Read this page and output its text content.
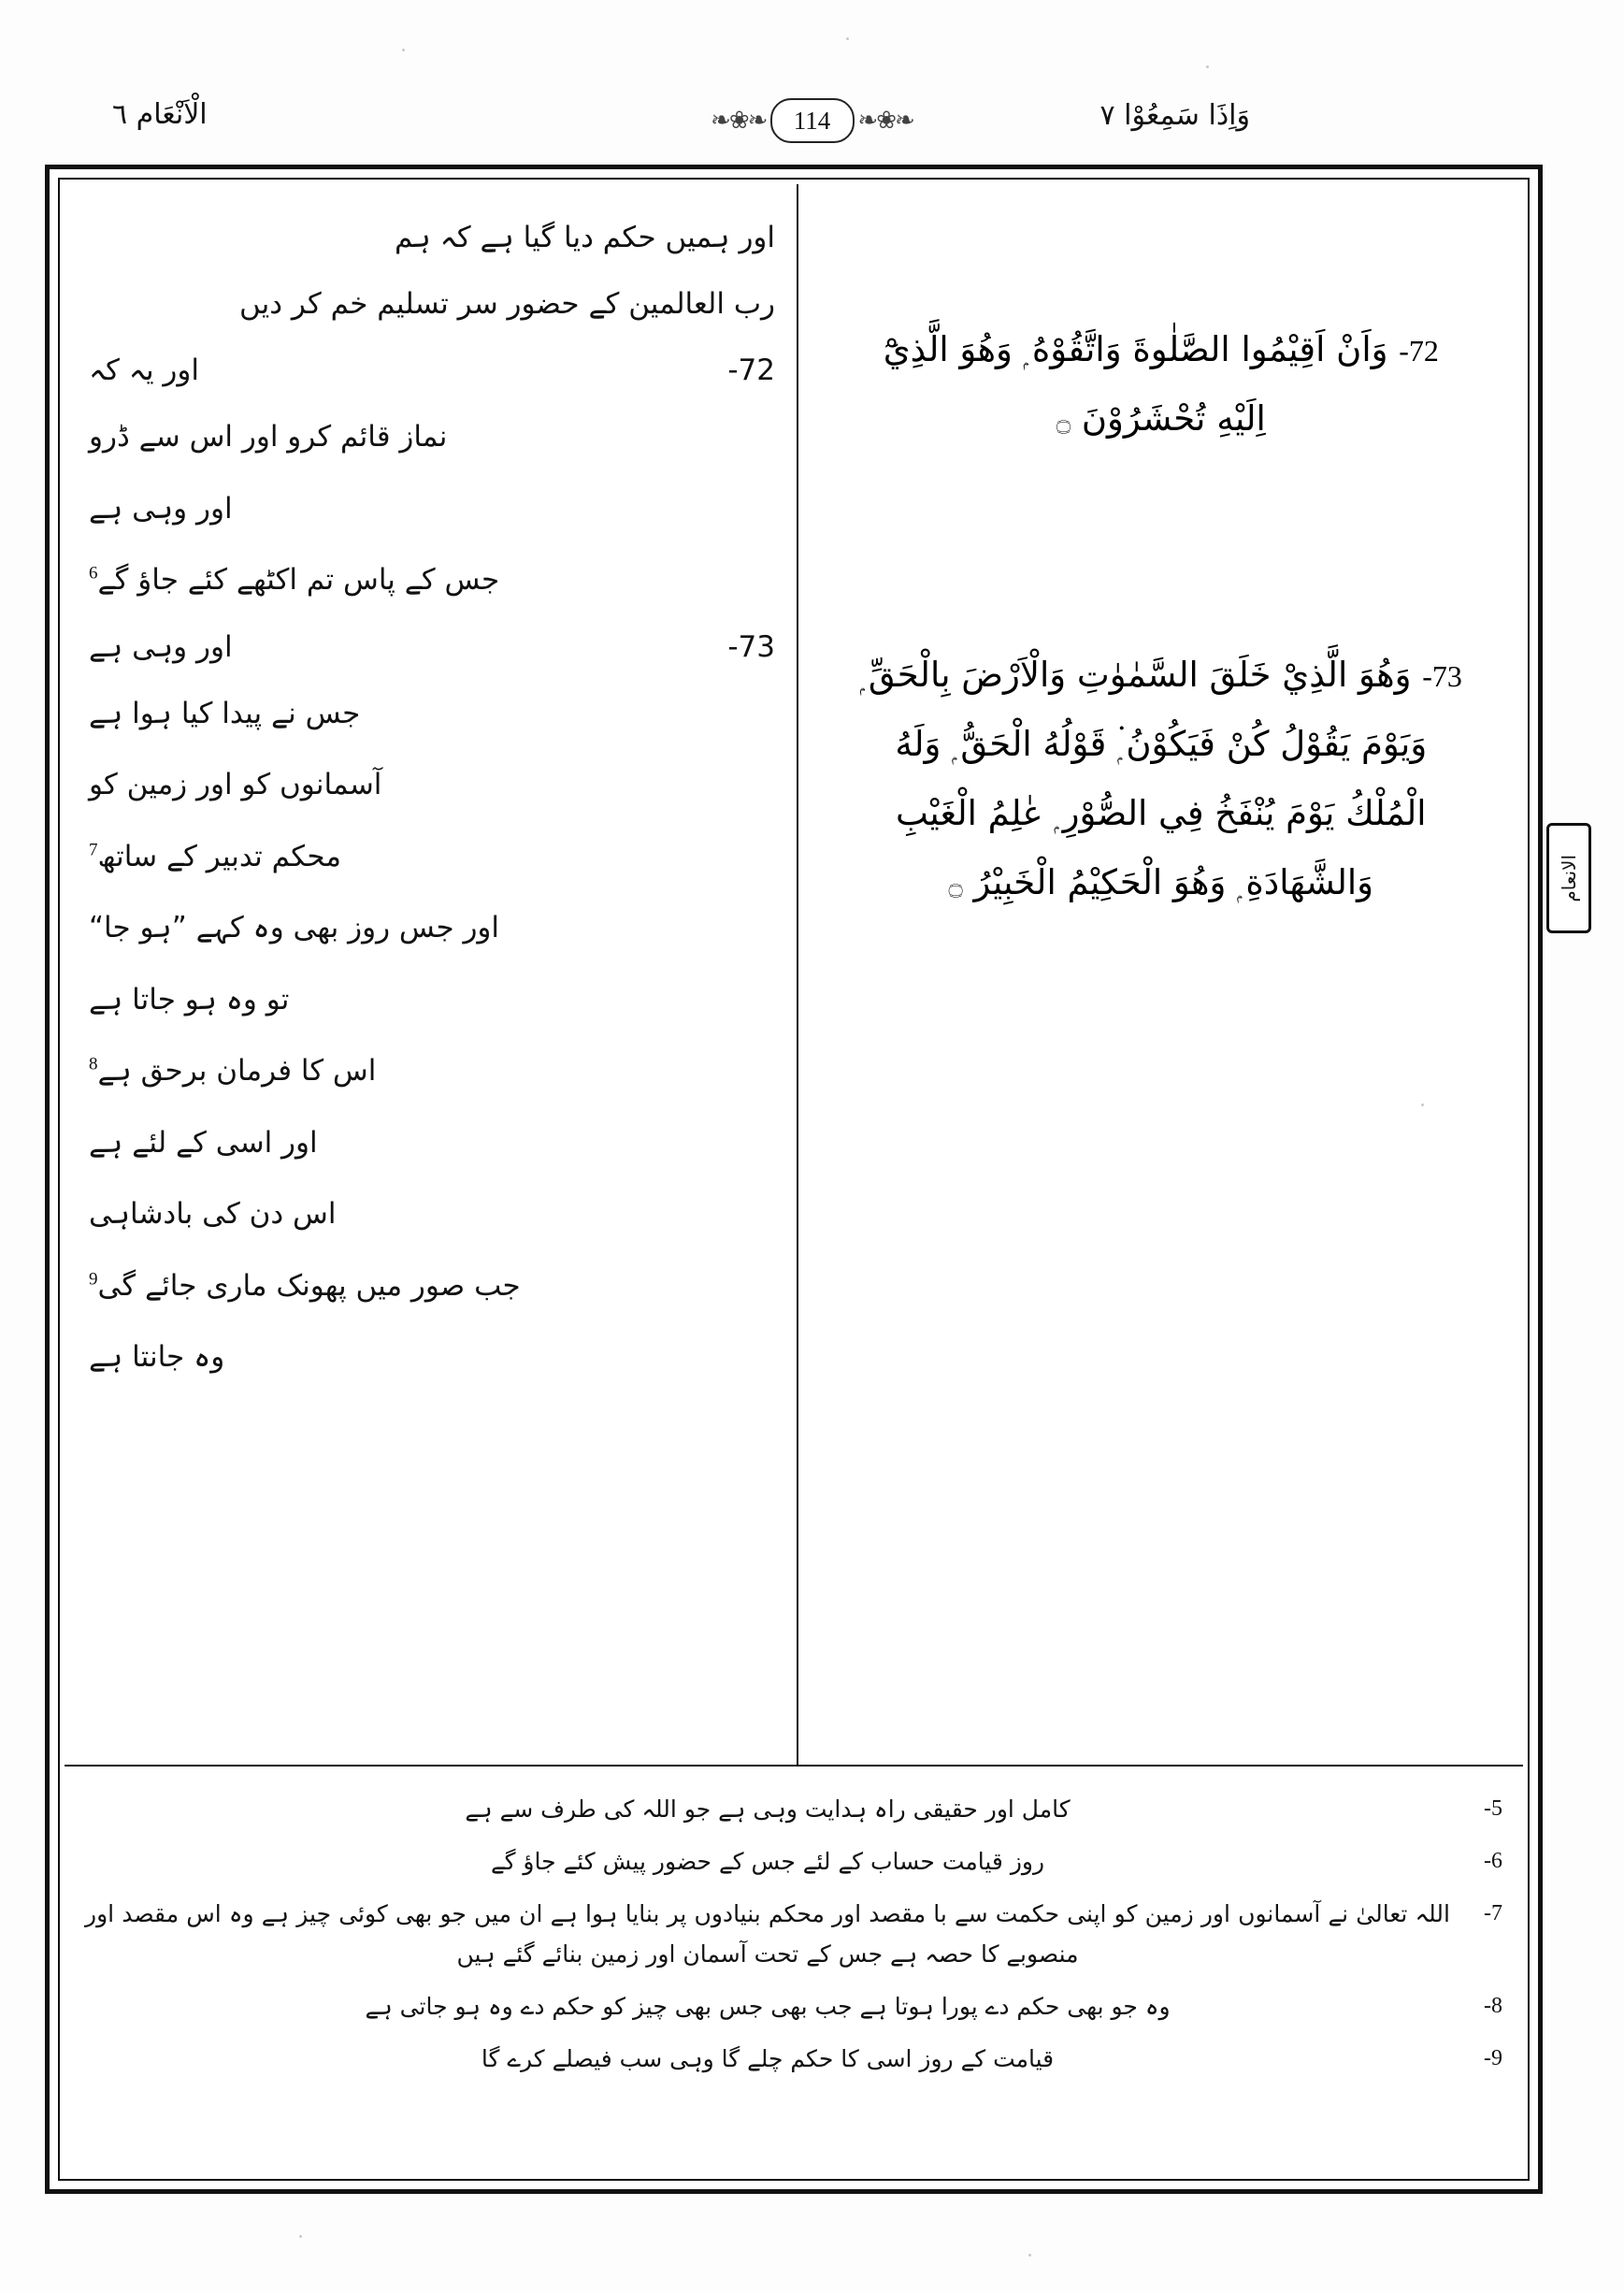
الْاَنْعَام ٦	❧❀❧	114	❧❀❧	وَاِذَا سَمِعُوْا ٧
الانعام
72- وَاَنْ اَقِيْمُوا الصَّلٰوةَ وَاتَّقُوْهُ ۭ وَهُوَ الَّذِيْٓ
اِلَيْهِ تُحْشَرُوْنَ ۝
73- وَهُوَ الَّذِيْ خَلَقَ السَّمٰوٰتِ وَالْاَرْضَ بِالْحَقِّ ۭ
وَيَوْمَ يَقُوْلُ كُنْ فَيَكُوْنُ ۭ۬ قَوْلُهُ الْحَقُّ ۭ وَلَهُ
الْمُلْكُ يَوْمَ يُنْفَخُ فِي الصُّوْرِ ۭ عٰلِمُ الْغَيْبِ
وَالشَّهَادَةِ ۭ وَهُوَ الْحَكِيْمُ الْخَبِيْرُ ۝
اور ہمیں حکم دیا گیا ہے کہ ہم
رب العالمین کے حضور سر تسلیم خم کر دیں
72-
اور یہ کہ
نماز قائم کرو اور اس سے ڈرو
اور وہی ہے
جس کے پاس تم اکٹھے کئے جاؤ گے$^6$
73-
اور وہی ہے
جس نے پیدا کیا ہوا ہے
آسمانوں کو اور زمین کو
محکم تدبیر کے ساتھ$^7$
اور جس روز بھی وہ کہے ”ہو جا“
تو وہ ہو جاتا ہے
اس کا فرمان برحق ہے$^8$
اور اسی کے لئے ہے
اس دن کی بادشاہی
جب صور میں پھونک ماری جائے گی$^9$
وہ جانتا ہے
5-
کامل اور حقیقی راہ ہدایت وہی ہے جو اللہ کی طرف سے ہے
6-
روز قیامت حساب کے لئے جس کے حضور پیش کئے جاؤ گے
7-
اللہ تعالیٰ نے آسمانوں اور زمین کو اپنی حکمت سے با مقصد اور محکم بنیادوں پر بنایا ہوا ہے ان میں جو بھی کوئی چیز ہے وہ اس مقصد اور منصوبے کا حصہ ہے جس کے تحت آسمان اور زمین بنائے گئے ہیں
8-
وہ جو بھی حکم دے پورا ہوتا ہے جب بھی جس بھی چیز کو حکم دے وہ ہو جاتی ہے
9-
قیامت کے روز اسی کا حکم چلے گا وہی سب فیصلے کرے گا
